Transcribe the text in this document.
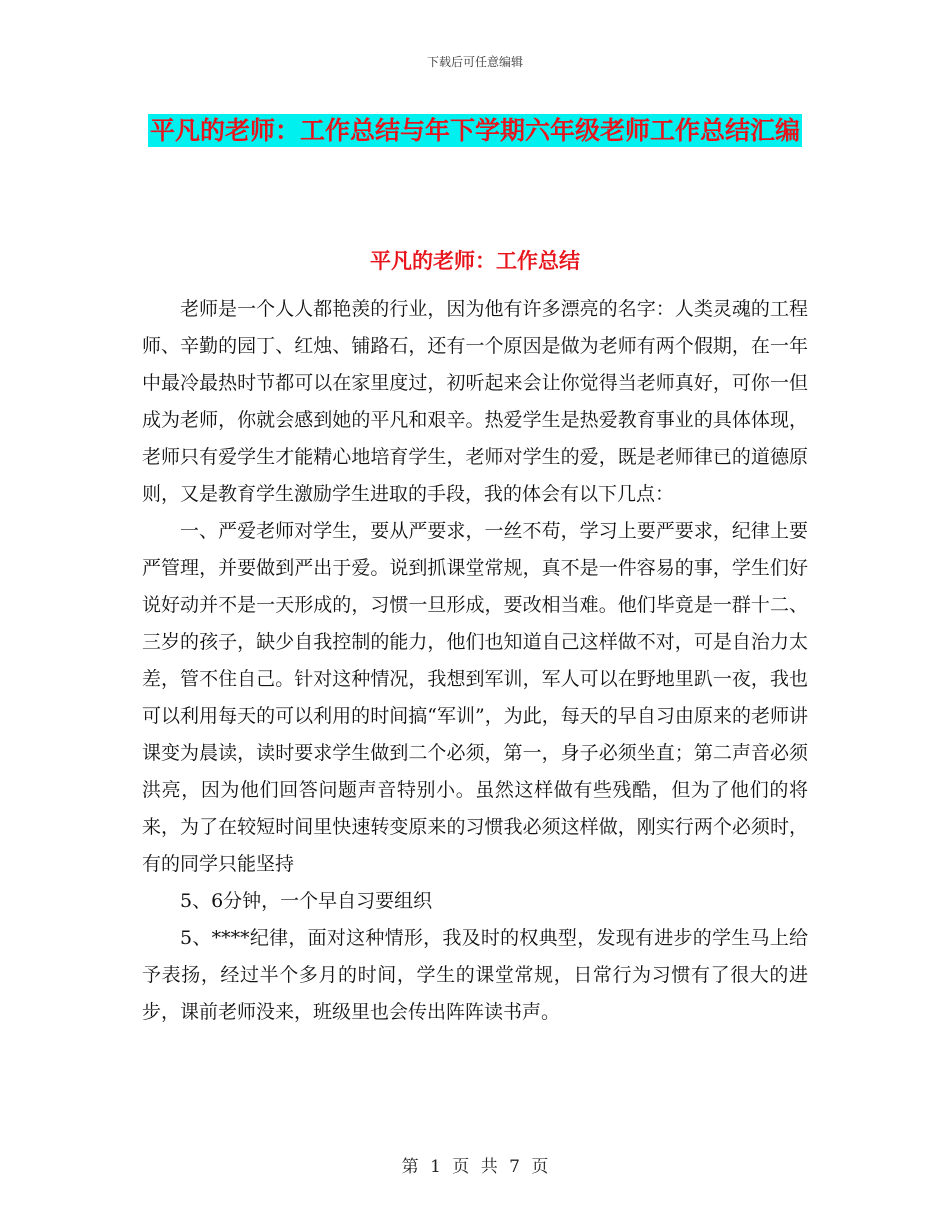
下载后可任意编辑
平凡的老师：工作总结与年下学期六年级老师工作总结汇编
平凡的老师：工作总结

老师是一个人人都艳羡的行业，因为他有许多漂亮的名字：人类灵魂的工程师、辛勤的园丁、红烛、铺路石，还有一个原因是做为老师有两个假期，在一年中最冷最热时节都可以在家里度过，初听起来会让你觉得当老师真好，可你一但成为老师，你就会感到她的平凡和艰辛。热爱学生是热爱教育事业的具体体现，老师只有爱学生才能精心地培育学生，老师对学生的爱，既是老师律已的道德原则，又是教育学生激励学生进取的手段，我的体会有以下几点：

一、严爱老师对学生，要从严要求，一丝不苟，学习上要严要求，纪律上要严管理，并要做到严出于爱。说到抓课堂常规，真不是一件容易的事，学生们好说好动并不是一天形成的，习惯一旦形成，要改相当难。他们毕竟是一群十二、三岁的孩子，缺少自我控制的能力，他们也知道自己这样做不对，可是自治力太差，管不住自己。针对这种情况，我想到军训，军人可以在野地里趴一夜，我也可以利用每天的可以利用的时间搞“军训”，为此，每天的早自习由原来的老师讲课变为晨读，读时要求学生做到二个必须，第一，身子必须坐直；第二声音必须洪亮，因为他们回答问题声音特别小。虽然这样做有些残酷，但为了他们的将来，为了在较短时间里快速转变原来的习惯我必须这样做，刚实行两个必须时，有的同学只能坚持

5、6分钟，一个早自习要组织

5、****纪律，面对这种情形，我及时的权典型，发现有进步的学生马上给予表扬，经过半个多月的时间，学生的课堂常规，日常行为习惯有了很大的进步，课前老师没来，班级里也会传出阵阵读书声。

第 1 页 共 7 页
